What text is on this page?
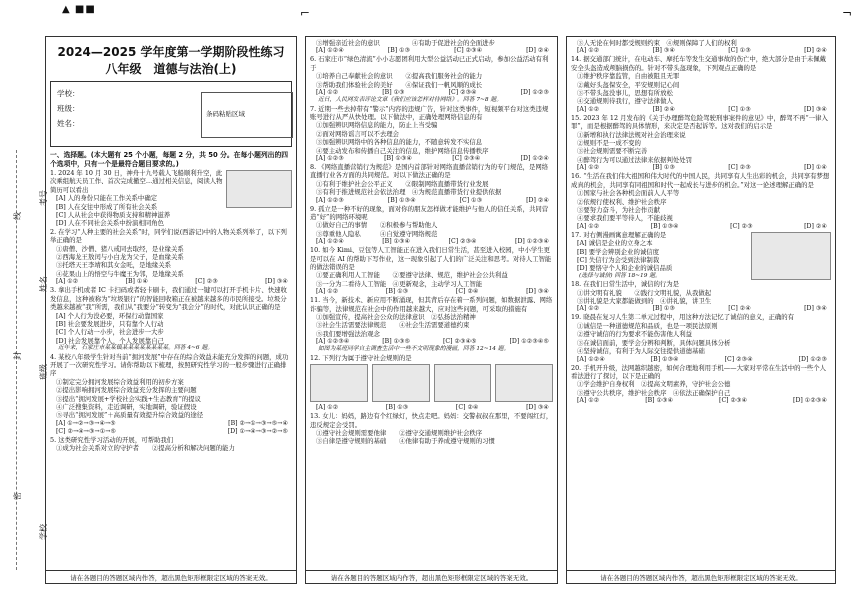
▲ ■■	⌐	¬
考号
姓名
班级
学校
线
封
密
2024—2025 学年度第一学期阶段性练习
八年级　道德与法治(上)
学校：
班级：
姓名：
条码粘贴区域
一、选择题。(本大题有 25 个小题，每题 2 分，共 50 分。在每小题列出的四个选项中，只有一个是最符合题目要求的。)

1. 2024 年 10 月 30 日，神舟十九号载人飞船顺利升空，此次乘组航天员工作、首次完成撤空…通过相关信息，阅读人物简历可以看出

[A] 人的身份只能在工作关系中确定
[B] 人在交往中形成了所有社会关系
[C] 人从社会中获得物质支持和精神滋养
[D] 人在不同社会关系中扮演相同角色

2. 在学习“人种主要的社会关系”时，同学们说(西游记)中的人物关系列举了，以下列举正确的是

①唐僧、沙僧、猪八戒同去取经，是业缘关系
②西海龙王敖闰与小白龙为父子，是血缘关系
③托塔天王李靖和其女金吒，是地缘关系
④花果山上的悟空与牛魔王为邻，是地缘关系
[A] ①②	[B] ①④	[C] ②③	[D] ③④

3. 拿出手机或者 IC 卡扫码或者轻卡刷卡，我们通过一键可以打开手机卡片、快速收发信息，这种被称为“垃圾银行”的智能回收箱正在被越来越多的市民所接受。垃圾分类越来越被“我”所需，我们从“我要分”转变为“我会分”的时代，对此认识正确的是

[A] 个人行为没必要，环保行动靠国家
[B] 社会要发展进步，只有靠个人行动
[C] 个人行动一小步，社会进步一大步
[D] 社会发展靠个人，个人发展靠自己
近年来，石家庄市某某镇某某某某某某某某。回答 4~6 题。

4. 某校八年级学生针对当前“拥河发展”中存在的综合效益未能充分发挥的问题，成功开展了一次研究性学习。请你帮助以下梳理，按照研究性学习的一般步骤进行正确排序

①制定完分拥河发展综合效益利用的初步方案
②提出影响拥河发展综合效益充分发挥的主要问题
③提出“拥河发展+学校社会实践+生态教育”的提议
④广泛搜集资料，走近调研，实地调研，验证假设
⑤寻出“拥河发展”＋高质量有效提升综合效益的途径
[A] ①→②→③→④→⑤	[B] ②→①→③→⑤→④
[C] ②→④→③→①→⑤	[D] ①→④→③→②→⑤

5. 这类研究性学习活动的开展，可帮助我们

①成为社会关系对立的守护者　　②提高分析和解决问题的能力
请在各题目的答题区域内作答，超出黑色矩形框限定区域的答案无效。
③增强亲近社会的意识　　　　　④有助于促进社会的全面进步
[A] ①②④	[B] ①③	[C] ②③④	[D] ②④

6. 石家庄市“绿色清流”小小志愿团利用大型公益活动已正式启动，参加公益活动有利于

①培养自己奉献社会的意识　　②提高我们服务社会的能力
③帮助我们体验社会的美好　　④保证我们一帆风顺的成长
[A] ①②	[B] ①③	[C] ②③④	[D] ①②③
近日，人民网发表评论文章《我们应该怎样对待网络》。回答 7~8 题。

7. 近期一些去掉带有“警示”内容的违规广告，针对这类事件，短视频平台对这类违规账号进行从严从快处理。以下做法中，正确处理网络信息的有

①加强辨识网络信息的能力，防止上当受骗
②面对网络谣言可以不去理会
③加强辨识网络中的各种信息的能力，不随意转发不实信息
④要主动发布和传播自己关注的信息，维护网络信息传播秩序
[A] ①②③	[B] ①③④	[C] ②③④	[D] ①②④

8. 《网络直播营销行为规范》是国内首部针对网络直播营销行为的专门规范，是网络直播行业各方面的共同规范。对以下做法正确的是

①有利于维护社会公平正义　　②限制网络直播带货行业发展
③有利于推进规范社会依法治理　④为规范直播带货行业提供依据
[A] ①②③	[B] ①③④	[C] ①③	[D] ②④

9. 孤立是一种不好的现象，面对你的朋友怎样做才能维护与他人的信任关系，共同营造“好”的网络环境呢

①做好自己的事情　　②积极参与帮助他人
③尊重他人隐私　　　④自觉遵守网络规范
[A] ①②④	[B] ①③④	[C] ②③④	[D] ①②③④

10. 如今 Kimi、豆包等人工智能正在进入我们日常生活，甚至进入校园，中小学生更是可以在 AI 的帮助下写作业，这一现象引起了人们的广泛关注和思考。对待人工智能的做法错误的是

①要正确利用人工智能　　②要遵守法律、规范，维护社会公共利益
③一分为二看待人工智能　④更新观念，主动学习人工智能
[A] ①②	[B] ①③	[C] ②④	[D] ③④

11. 当今，新技术、新应用不断涌现，但其背后存在着一系列问题，如数据泄露、网络诈骗等，法律规范在社会中的作用越来越大，应对这些问题，可采取的措施有

①加强宣传，提高社会公众的法律意识　②弘扬法治精神
③社会生活需要法律规范　　④社会生活需要道德约束
⑤我们要增强法治观念
[A] ①②③④	[B] ①③⑤	[C] ②③④⑤	[D] ①②③④⑤
如图为某班同学自主调查生活中一些不文明现象的漫画，回答 12~14 题。

12. 下列行为属于遵守社会规则的是

[A] ①②	[B] ①③	[C] ②④	[D] ③④

13. 女儿：妈妈，路边有个红绿灯，快点走吧。妈妈：交警叔叔在那里，不要闯红灯，违反规定会受罚。

①遵守社会规则需要他律　　②遵守交通规则维护社会秩序
③自律是遵守规则的基础　　④他律有助于养成遵守规则的习惯
请在各题目的答题区域内作答，超出黑色矩形框限定区域的答案无效。
③人无论在何时都受规则约束　④规则保障了人们的权利
[A] ①②	[B] ③④	[C] ①③	[D] ②④

14. 据交通部门统计，在电动车、摩托车等发生交通事故的伤亡中，绝大部分是由于未佩戴安全头盔造成颅脑损伤的。针对不带头盔现象，下列观点正确的是

①维护秩序靠监管，自由被阻且无罪
②戴好头盔保安全，平安规则记心间
③不带头盔没事儿，思想有所放松
④交通规则待我行，遵守法律做人
[A] ①②	[B] ②④	[C] ①③	[D] ③④

15. 2023 年 12 月发布的《关于办理醉驾危险驾驶刑事案件的意见》中，醉驾不再“一律入罪”，而是根据醉驾的具体情形，来决定是否起诉等。这对我们的启示是

①新增和执行法律法规对社会治理来说
②规则不是一成不变的
③社会规则需要不断完善
④醉驾行为可以通过法律来依据判处处罚
[A] ①②	[B] ①③	[C] ②③	[D] ①④

16. “生活在我们伟大祖国和伟大时代的中国人民，共同享有人生出彩的机会，共同享有梦想成真的机会，共同享有同祖国和时代一起成长与进步的机会。”对这一论述理解正确的是

①国家与社会各种机会面前人人平等
②依规行使权利、维护社会秩序
③要努力奋斗，为社会作贡献
④要求我们要平等待人，不能歧视
[A] ①②	[B] ①③④	[C] ②③	[D] ②④

17. 对右侧漫画寓意理解正确的是

[A] 诚信是企业的立身之本
[B] 要学会辨别企业的诚信度
[C] 失信行为会受到法律制裁
[D] 要恪守个人和企业的诚信品质
(选择与诚信) 回答 18~19 题。

18. 在我们日常生活中，诚信的行为是

①讲文明有礼貌　　②践行文明礼貌，从我做起
③讲礼貌是大家都能做到的　④讲礼貌，讲卫生
[A] ①②	[B] ①③	[C] ②④	[D] ③④

19. 晓晨在复习人生第二单元过程中，用这种方法记忆了诚信的意义，正确的有

①诚信是一种道德规范和品质，也是一项民法原则
②遵守诚信的行为要求不能伤害他人利益
③在诚信面前，要学会分辨和判断，具体问题具体分析
④坚持诚信，有利于为人际交往提供道德基础
[A] ①②④	[B] ①③④	[C] ②③④	[D] ①②③

20. 手机开升级，法网越织越密，如何合理地利用手机——大家对平常在生活中的一些个人看法进行了探讨，以下是正确的

①学会维护自身权利　②提高文明素养，守护社会公德
③遵守公共秩序，维护社会秩序　④依法正确保护自己
[A] ①②	[B] ①③④	[C] ②③④	[D] ①②③④
请在各题目的答题区域内作答，超出黑色矩形框限定区域的答案无效。
